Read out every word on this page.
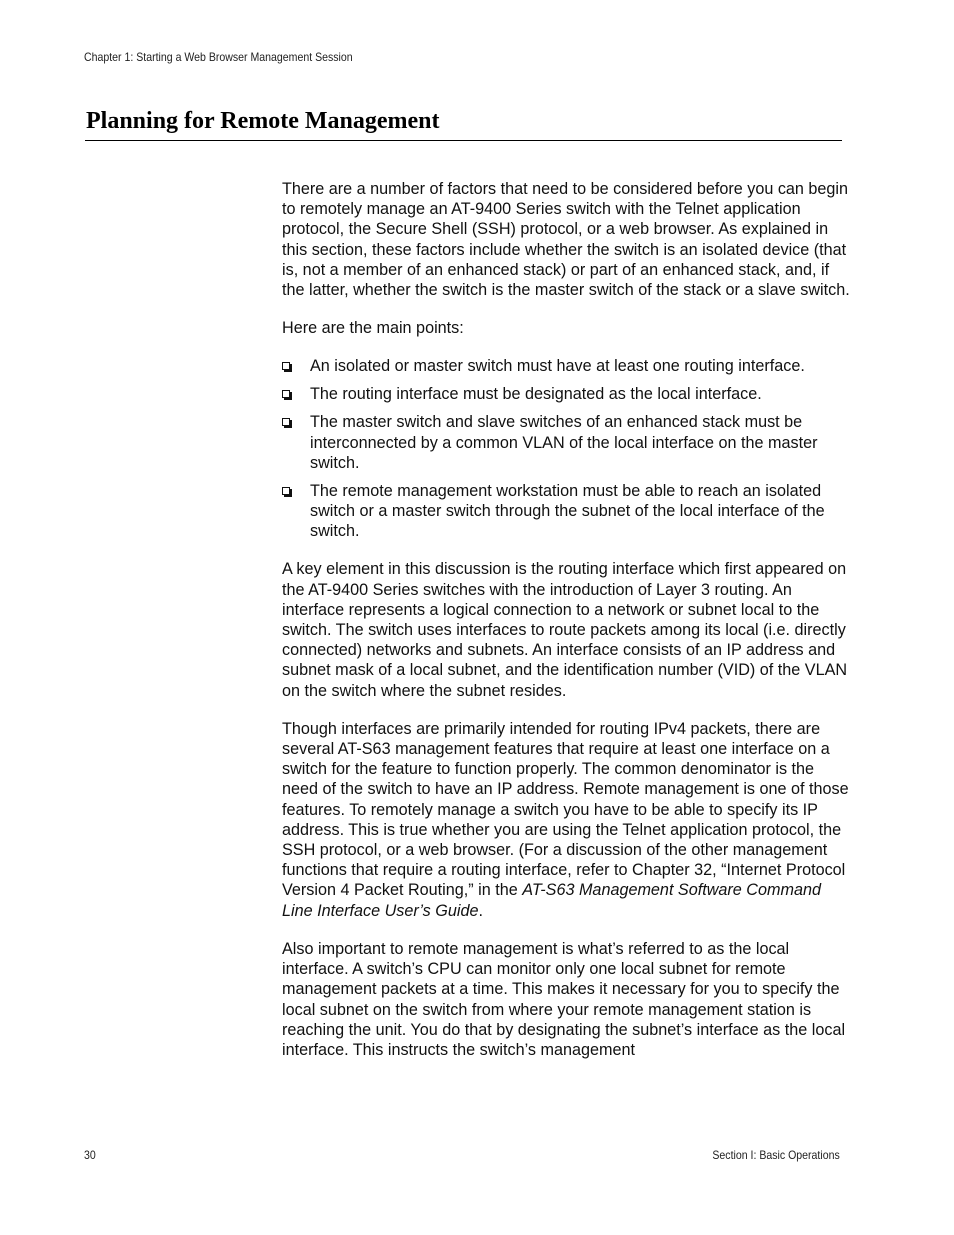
Chapter 1: Starting a Web Browser Management Session
Planning for Remote Management

There are a number of factors that need to be considered before you can begin to remotely manage an AT-9400 Series switch with the Telnet application protocol, the Secure Shell (SSH) protocol, or a web browser. As explained in this section, these factors include whether the switch is an isolated device (that is, not a member of an enhanced stack) or part of an enhanced stack, and, if the latter, whether the switch is the master switch of the stack or a slave switch.

Here are the main points:

An isolated or master switch must have at least one routing interface.
The routing interface must be designated as the local interface.
The master switch and slave switches of an enhanced stack must be interconnected by a common VLAN of the local interface on the master switch.
The remote management workstation must be able to reach an isolated switch or a master switch through the subnet of the local interface of the switch.

A key element in this discussion is the routing interface which first appeared on the AT-9400 Series switches with the introduction of Layer 3 routing. An interface represents a logical connection to a network or subnet local to the switch. The switch uses interfaces to route packets among its local (i.e. directly connected) networks and subnets. An interface consists of an IP address and subnet mask of a local subnet, and the identification number (VID) of the VLAN on the switch where the subnet resides.

Though interfaces are primarily intended for routing IPv4 packets, there are several AT-S63 management features that require at least one interface on a switch for the feature to function properly. The common denominator is the need of the switch to have an IP address. Remote management is one of those features. To remotely manage a switch you have to be able to specify its IP address. This is true whether you are using the Telnet application protocol, the SSH protocol, or a web browser. (For a discussion of the other management functions that require a routing interface, refer to Chapter 32, “Internet Protocol Version 4 Packet Routing,” in the AT-S63 Management Software Command Line Interface User’s Guide.

Also important to remote management is what’s referred to as the local interface. A switch’s CPU can monitor only one local subnet for remote management packets at a time. This makes it necessary for you to specify the local subnet on the switch from where your remote management station is reaching the unit. You do that by designating the subnet’s interface as the local interface. This instructs the switch’s management

30	Section I: Basic Operations
